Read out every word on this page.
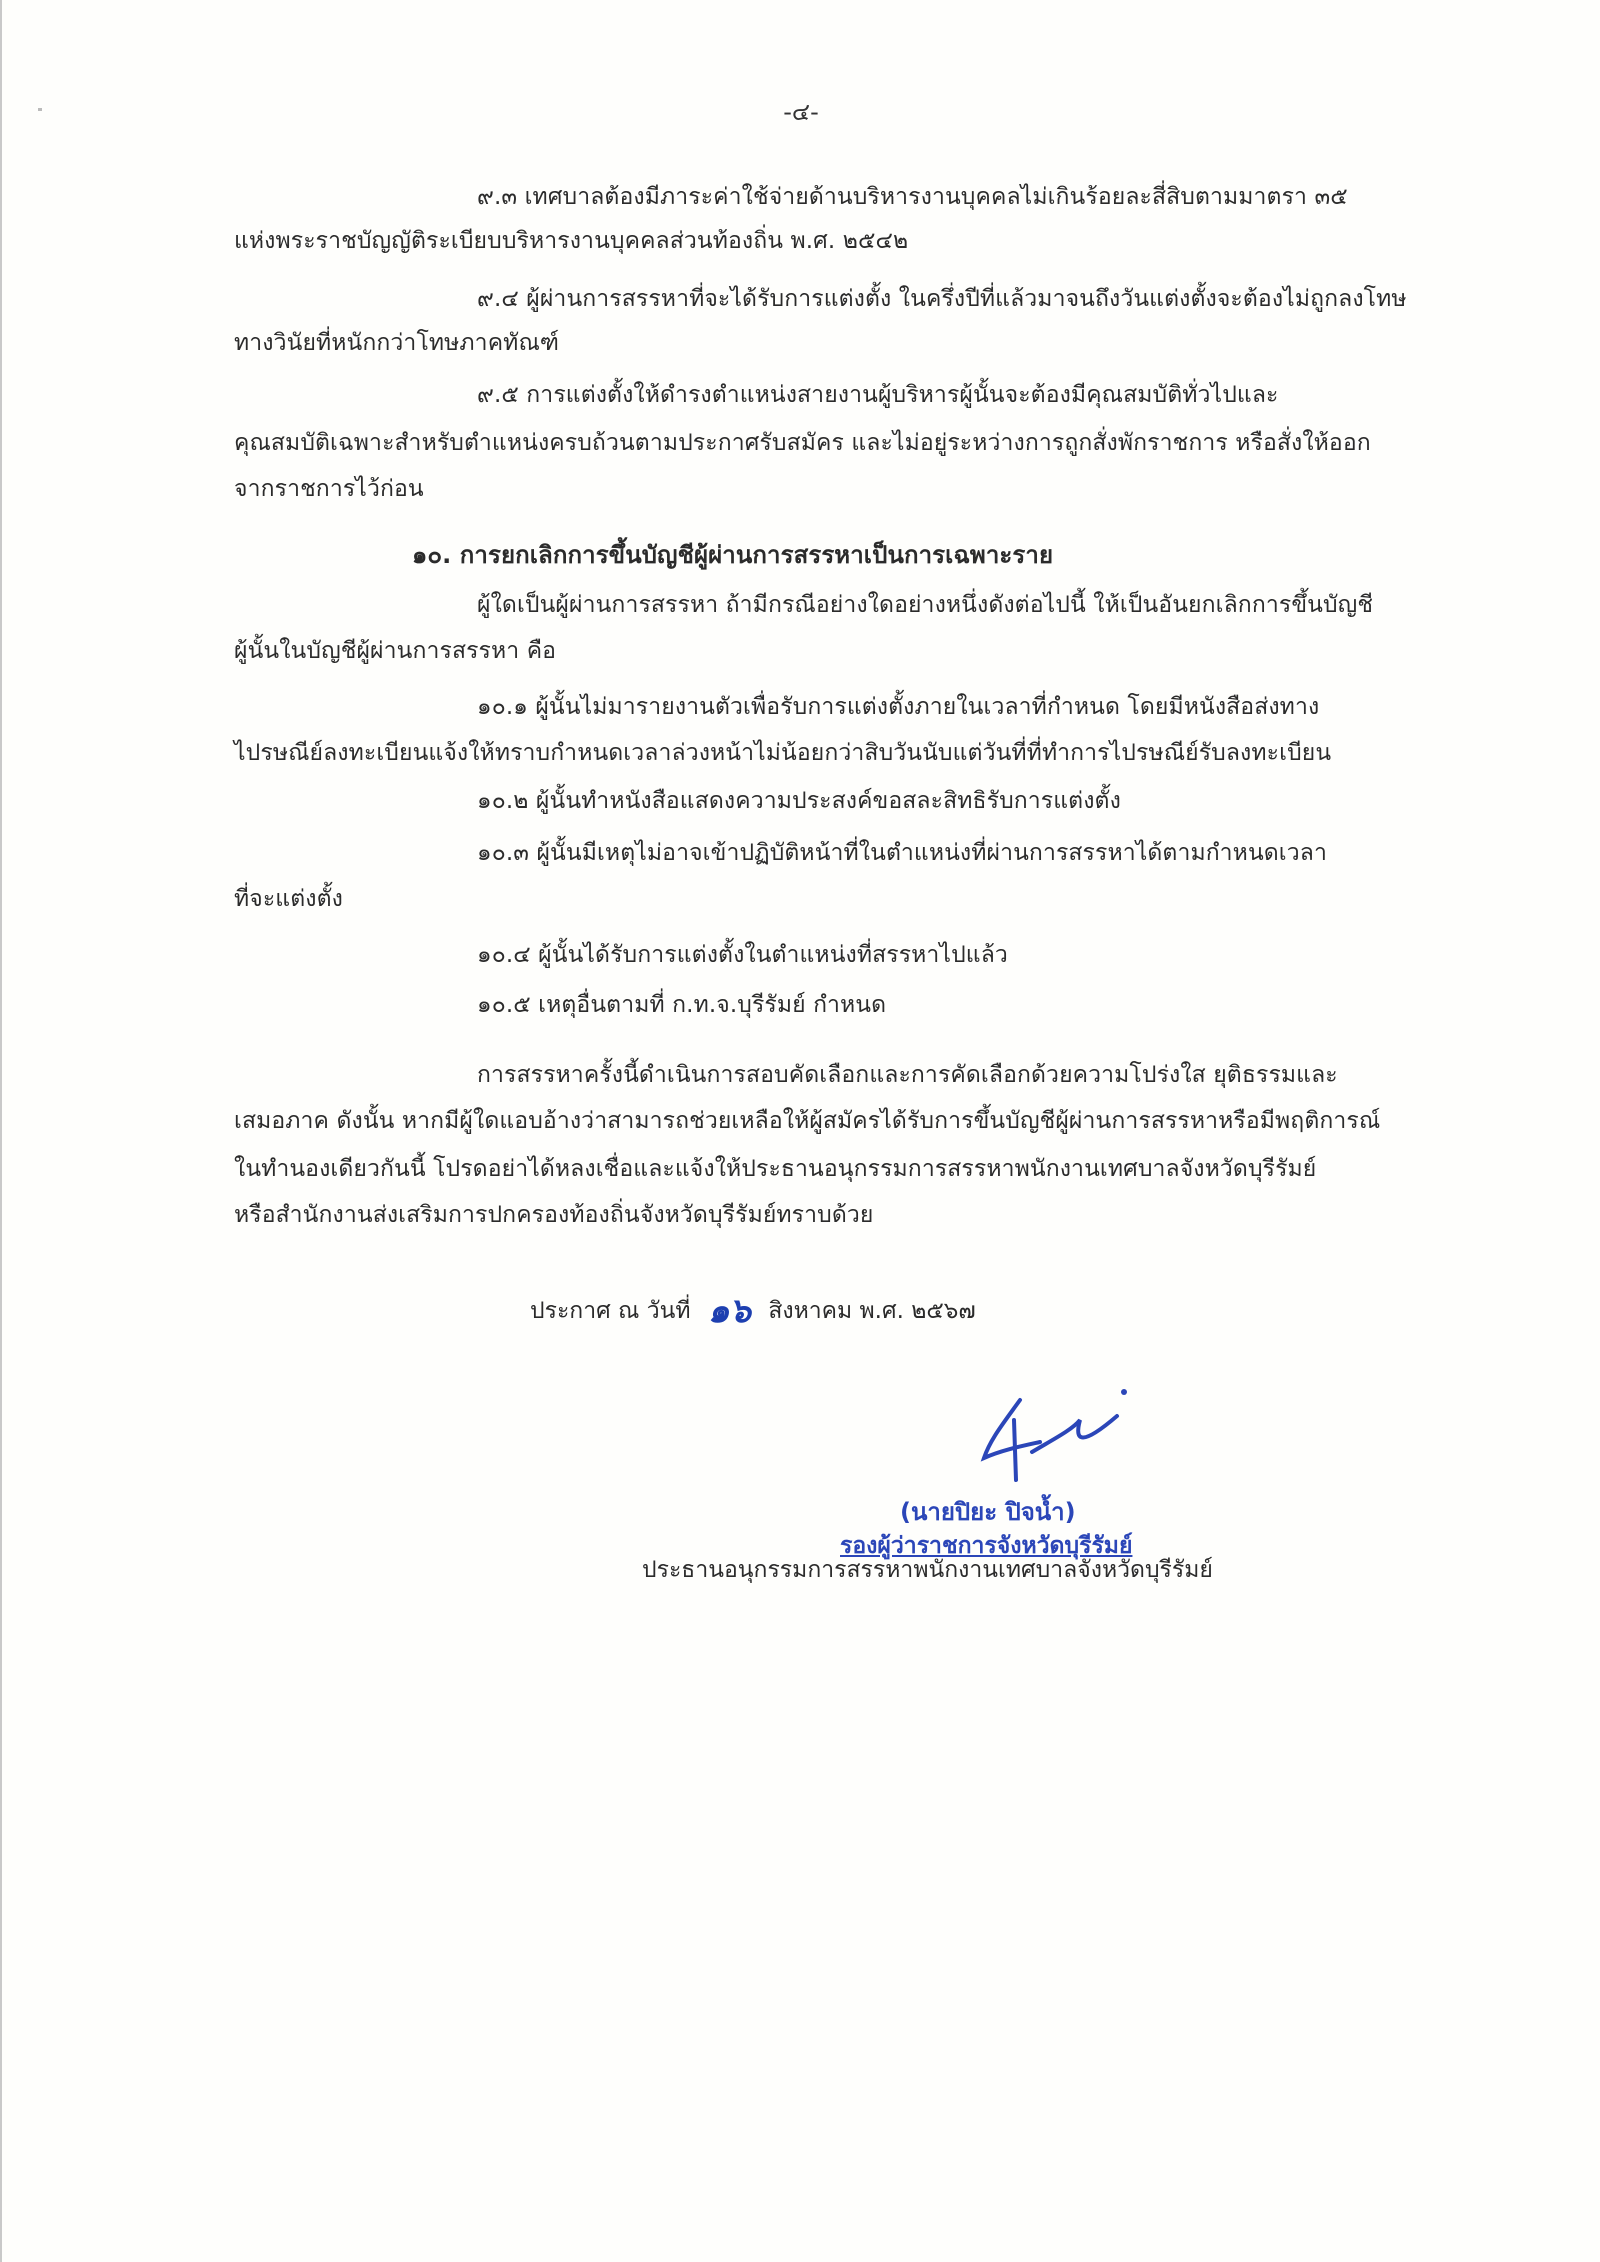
-๔-
๙.๓ เทศบาลต้องมีภาระค่าใช้จ่ายด้านบริหารงานบุคคลไม่เกินร้อยละสี่สิบตามมาตรา ๓๕
แห่งพระราชบัญญัติระเบียบบริหารงานบุคคลส่วนท้องถิ่น พ.ศ. ๒๕๔๒
๙.๔ ผู้ผ่านการสรรหาที่จะได้รับการแต่งตั้ง ในครึ่งปีที่แล้วมาจนถึงวันแต่งตั้งจะต้องไม่ถูกลงโทษ
ทางวินัยที่หนักกว่าโทษภาคทัณฑ์
๙.๕ การแต่งตั้งให้ดำรงตำแหน่งสายงานผู้บริหารผู้นั้นจะต้องมีคุณสมบัติทั่วไปและ
คุณสมบัติเฉพาะสำหรับตำแหน่งครบถ้วนตามประกาศรับสมัคร และไม่อยู่ระหว่างการถูกสั่งพักราชการ หรือสั่งให้ออก
จากราชการไว้ก่อน
๑๐. การยกเลิกการขึ้นบัญชีผู้ผ่านการสรรหาเป็นการเฉพาะราย
ผู้ใดเป็นผู้ผ่านการสรรหา ถ้ามีกรณีอย่างใดอย่างหนึ่งดังต่อไปนี้ ให้เป็นอันยกเลิกการขึ้นบัญชี
ผู้นั้นในบัญชีผู้ผ่านการสรรหา คือ
๑๐.๑ ผู้นั้นไม่มารายงานตัวเพื่อรับการแต่งตั้งภายในเวลาที่กำหนด โดยมีหนังสือส่งทาง
ไปรษณีย์ลงทะเบียนแจ้งให้ทราบกำหนดเวลาล่วงหน้าไม่น้อยกว่าสิบวันนับแต่วันที่ที่ทำการไปรษณีย์รับลงทะเบียน
๑๐.๒ ผู้นั้นทำหนังสือแสดงความประสงค์ขอสละสิทธิรับการแต่งตั้ง
๑๐.๓ ผู้นั้นมีเหตุไม่อาจเข้าปฏิบัติหน้าที่ในตำแหน่งที่ผ่านการสรรหาได้ตามกำหนดเวลา
ที่จะแต่งตั้ง
๑๐.๔ ผู้นั้นได้รับการแต่งตั้งในตำแหน่งที่สรรหาไปแล้ว
๑๐.๕ เหตุอื่นตามที่ ก.ท.จ.บุรีรัมย์ กำหนด
การสรรหาครั้งนี้ดำเนินการสอบคัดเลือกและการคัดเลือกด้วยความโปร่งใส ยุติธรรมและ
เสมอภาค ดังนั้น หากมีผู้ใดแอบอ้างว่าสามารถช่วยเหลือให้ผู้สมัครได้รับการขึ้นบัญชีผู้ผ่านการสรรหาหรือมีพฤติการณ์
ในทำนองเดียวกันนี้ โปรดอย่าได้หลงเชื่อและแจ้งให้ประธานอนุกรรมการสรรหาพนักงานเทศบาลจังหวัดบุรีรัมย์
หรือสำนักงานส่งเสริมการปกครองท้องถิ่นจังหวัดบุรีรัมย์ทราบด้วย
ประกาศ ณ วันที่ ๑๖ สิงหาคม พ.ศ. ๒๕๖๗
(นายปิยะ ปิจน้ำ)
รองผู้ว่าราชการจังหวัดบุรีรัมย์
ประธานอนุกรรมการสรรหาพนักงานเทศบาลจังหวัดบุรีรัมย์
